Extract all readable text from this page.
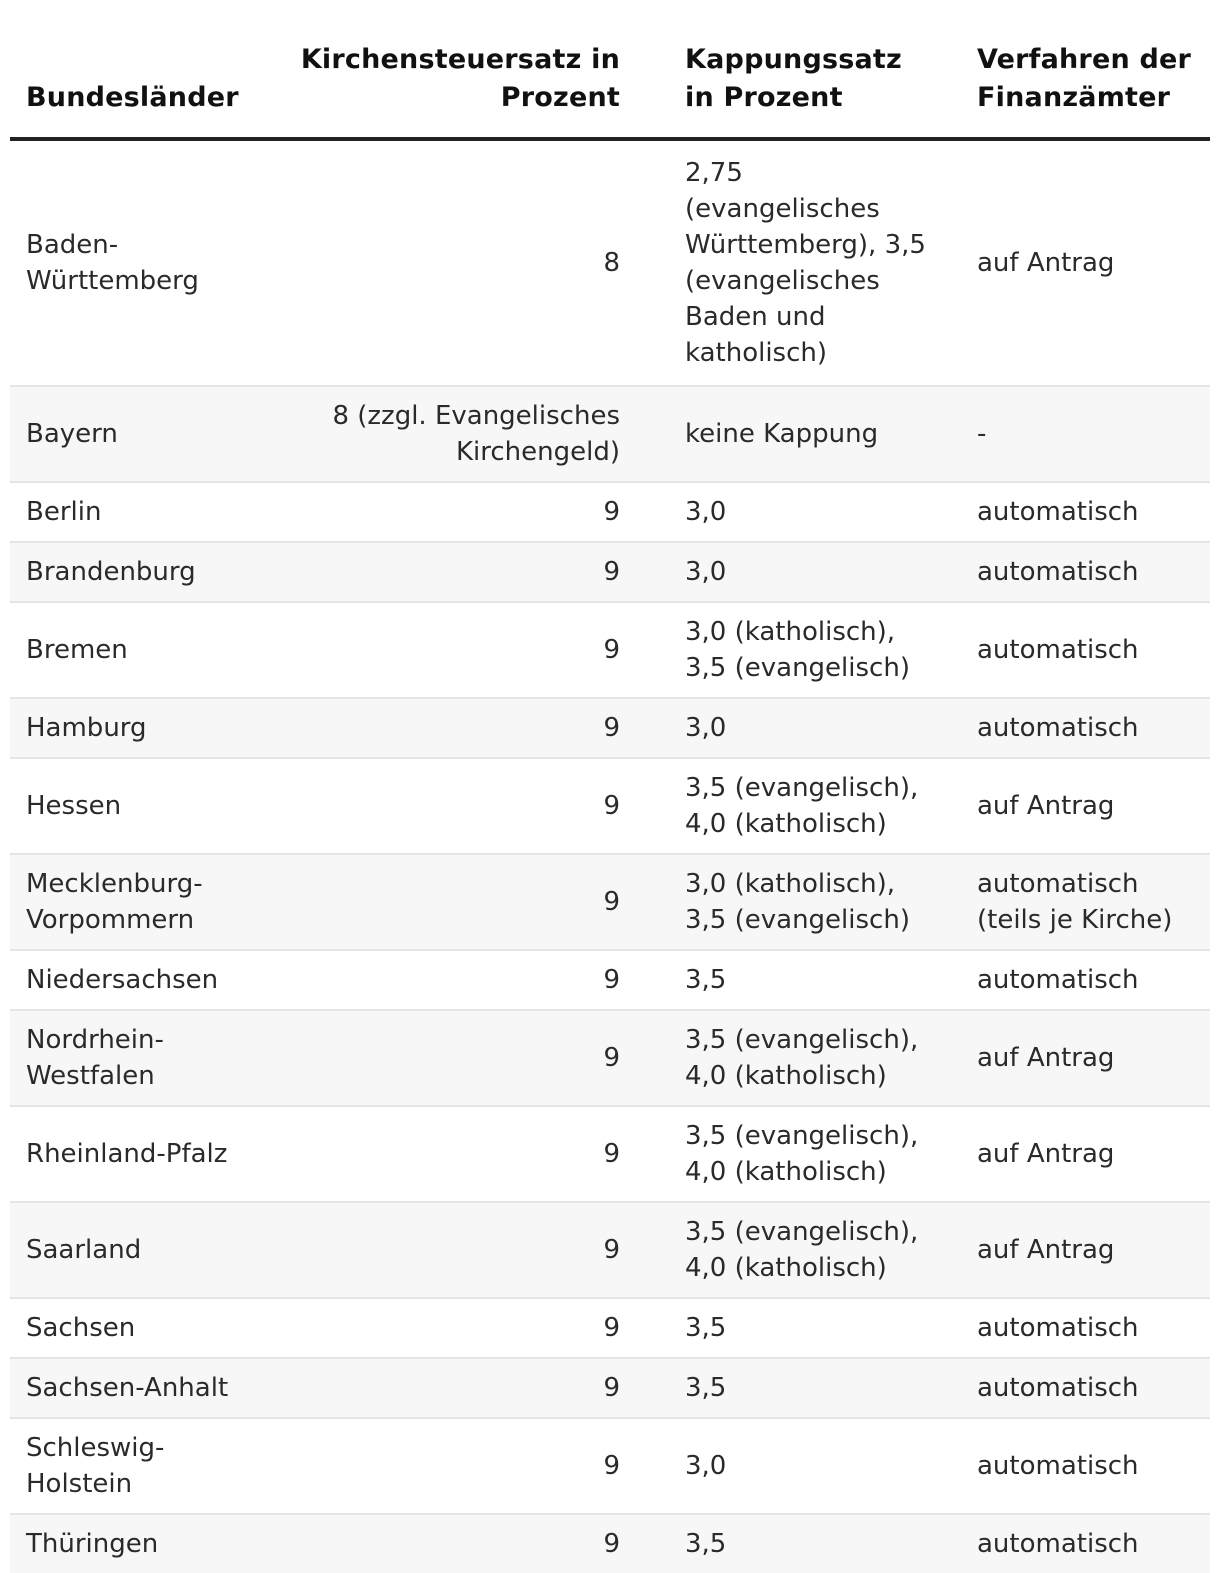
Bundesländer	Kirchensteuersatz in Prozent	Kappungssatz in Prozent	Verfahren der Finanzämter
Baden-Württemberg	8	2,75 (evangelisches Württemberg), 3,5 (evangelisches Baden und katholisch)	auf Antrag
Bayern	8 (zzgl. Evangelisches Kirchengeld)	keine Kappung	-
Berlin	9	3,0	automatisch
Brandenburg	9	3,0	automatisch
Bremen	9	3,0 (katholisch), 3,5 (evangelisch)	automatisch
Hamburg	9	3,0	automatisch
Hessen	9	3,5 (evangelisch), 4,0 (katholisch)	auf Antrag
Mecklenburg-Vorpommern	9	3,0 (katholisch), 3,5 (evangelisch)	automatisch (teils je Kirche)
Niedersachsen	9	3,5	automatisch
Nordrhein-Westfalen	9	3,5 (evangelisch), 4,0 (katholisch)	auf Antrag
Rheinland-Pfalz	9	3,5 (evangelisch), 4,0 (katholisch)	auf Antrag
Saarland	9	3,5 (evangelisch), 4,0 (katholisch)	auf Antrag
Sachsen	9	3,5	automatisch
Sachsen-Anhalt	9	3,5	automatisch
Schleswig-Holstein	9	3,0	automatisch
Thüringen	9	3,5	automatisch
